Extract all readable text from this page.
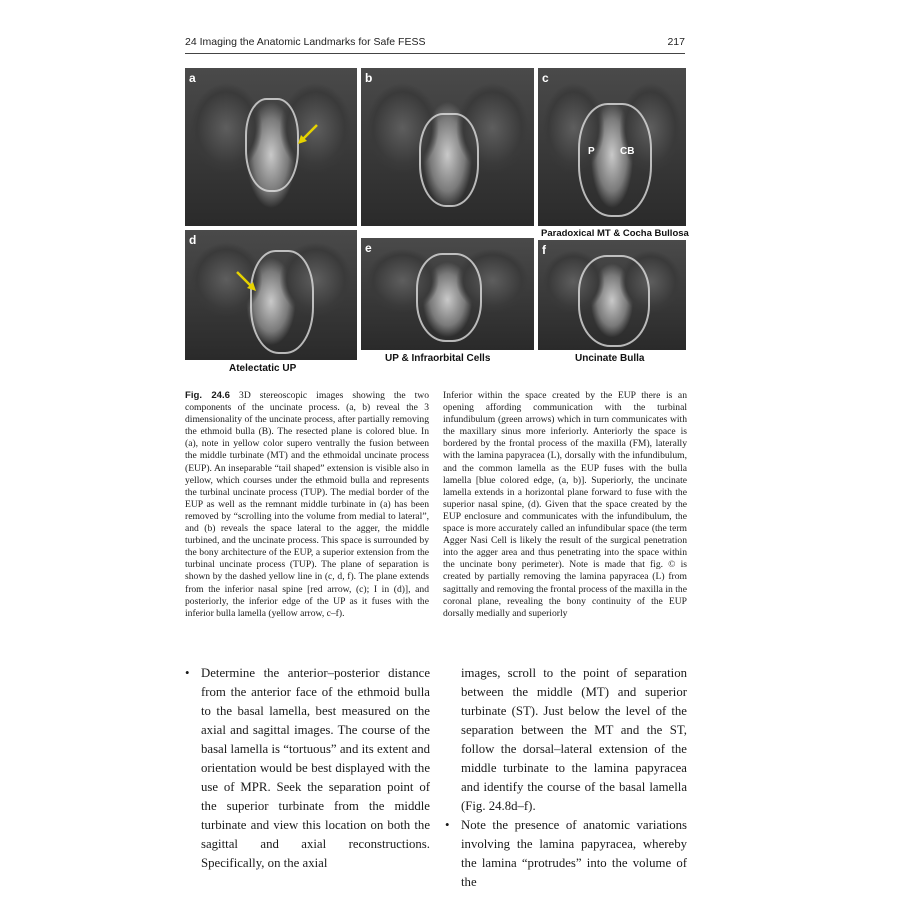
24 Imaging the Anatomic Landmarks for Safe FESS	217
a	b	c
P	CB
Paradoxical MT & Cocha Bullosa
d
e	f
Atelectatic UP
UP & Infraorbital Cells	Uncinate Bulla
Fig. 24.6 3D stereoscopic images showing the two components of the uncinate process. (a, b) reveal the 3 dimensionality of the uncinate process, after partially removing the ethmoid bulla (B). The resected plane is colored blue. In (a), note in yellow color supero ventrally the fusion between the middle turbinate (MT) and the ethmoidal uncinate process (EUP). An inseparable “tail shaped” extension is visible also in yellow, which courses under the ethmoid bulla and represents the turbinal uncinate process (TUP). The medial border of the EUP as well as the remnant middle turbinate in (a) has been removed by “scrolling into the volume from medial to lateral”, and (b) reveals the space lateral to the agger, the middle turbined, and the uncinate process. This space is surrounded by the bony architecture of the EUP, a superior extension from the turbinal uncinate process (TUP). The plane of separation is shown by the dashed yellow line in (c, d, f). The plane extends from the inferior nasal spine [red arrow, (c); I in (d)], and posteriorly, the inferior edge of the UP as it fuses with the inferior bulla lamella (yellow arrow, c–f).
Inferior within the space created by the EUP there is an opening affording communication with the turbinal infundibulum (green arrows) which in turn communicates with the maxillary sinus more inferiorly. Anteriorly the space is bordered by the frontal process of the maxilla (FM), laterally with the lamina papyracea (L), dorsally with the infundibulum, and the common lamella as the EUP fuses with the bulla lamella [blue colored edge, (a, b)]. Superiorly, the uncinate lamella extends in a horizontal plane forward to fuse with the superior nasal spine, (d). Given that the space created by the EUP enclosure and communicates with the infundibulum, the space is more accurately called an infundibular space (the term Agger Nasi Cell is likely the result of the surgical penetration into the agger area and thus penetrating into the space within the uncinate bony perimeter). Note is made that fig. © is created by partially removing the lamina papyracea (L) from sagittally and removing the frontal process of the maxilla in the coronal plane, revealing the bony continuity of the EUP dorsally medially and superiorly
• Determine the anterior–posterior distance from the anterior face of the ethmoid bulla to the basal lamella, best measured on the axial and sagittal images. The course of the basal lamella is “tortuous” and its extent and orientation would be best displayed with the use of MPR. Seek the separation point of the superior turbinate from the middle turbinate and view this location on both the sagittal and axial reconstructions. Specifically, on the axial
images, scroll to the point of separation between the middle (MT) and superior turbinate (ST). Just below the level of the separation between the MT and the ST, follow the dorsal–lateral extension of the middle turbinate to the lamina papyracea and identify the course of the basal lamella (Fig. 24.8d–f).
• Note the presence of anatomic variations involving the lamina papyracea, whereby the lamina “protrudes” into the volume of the
